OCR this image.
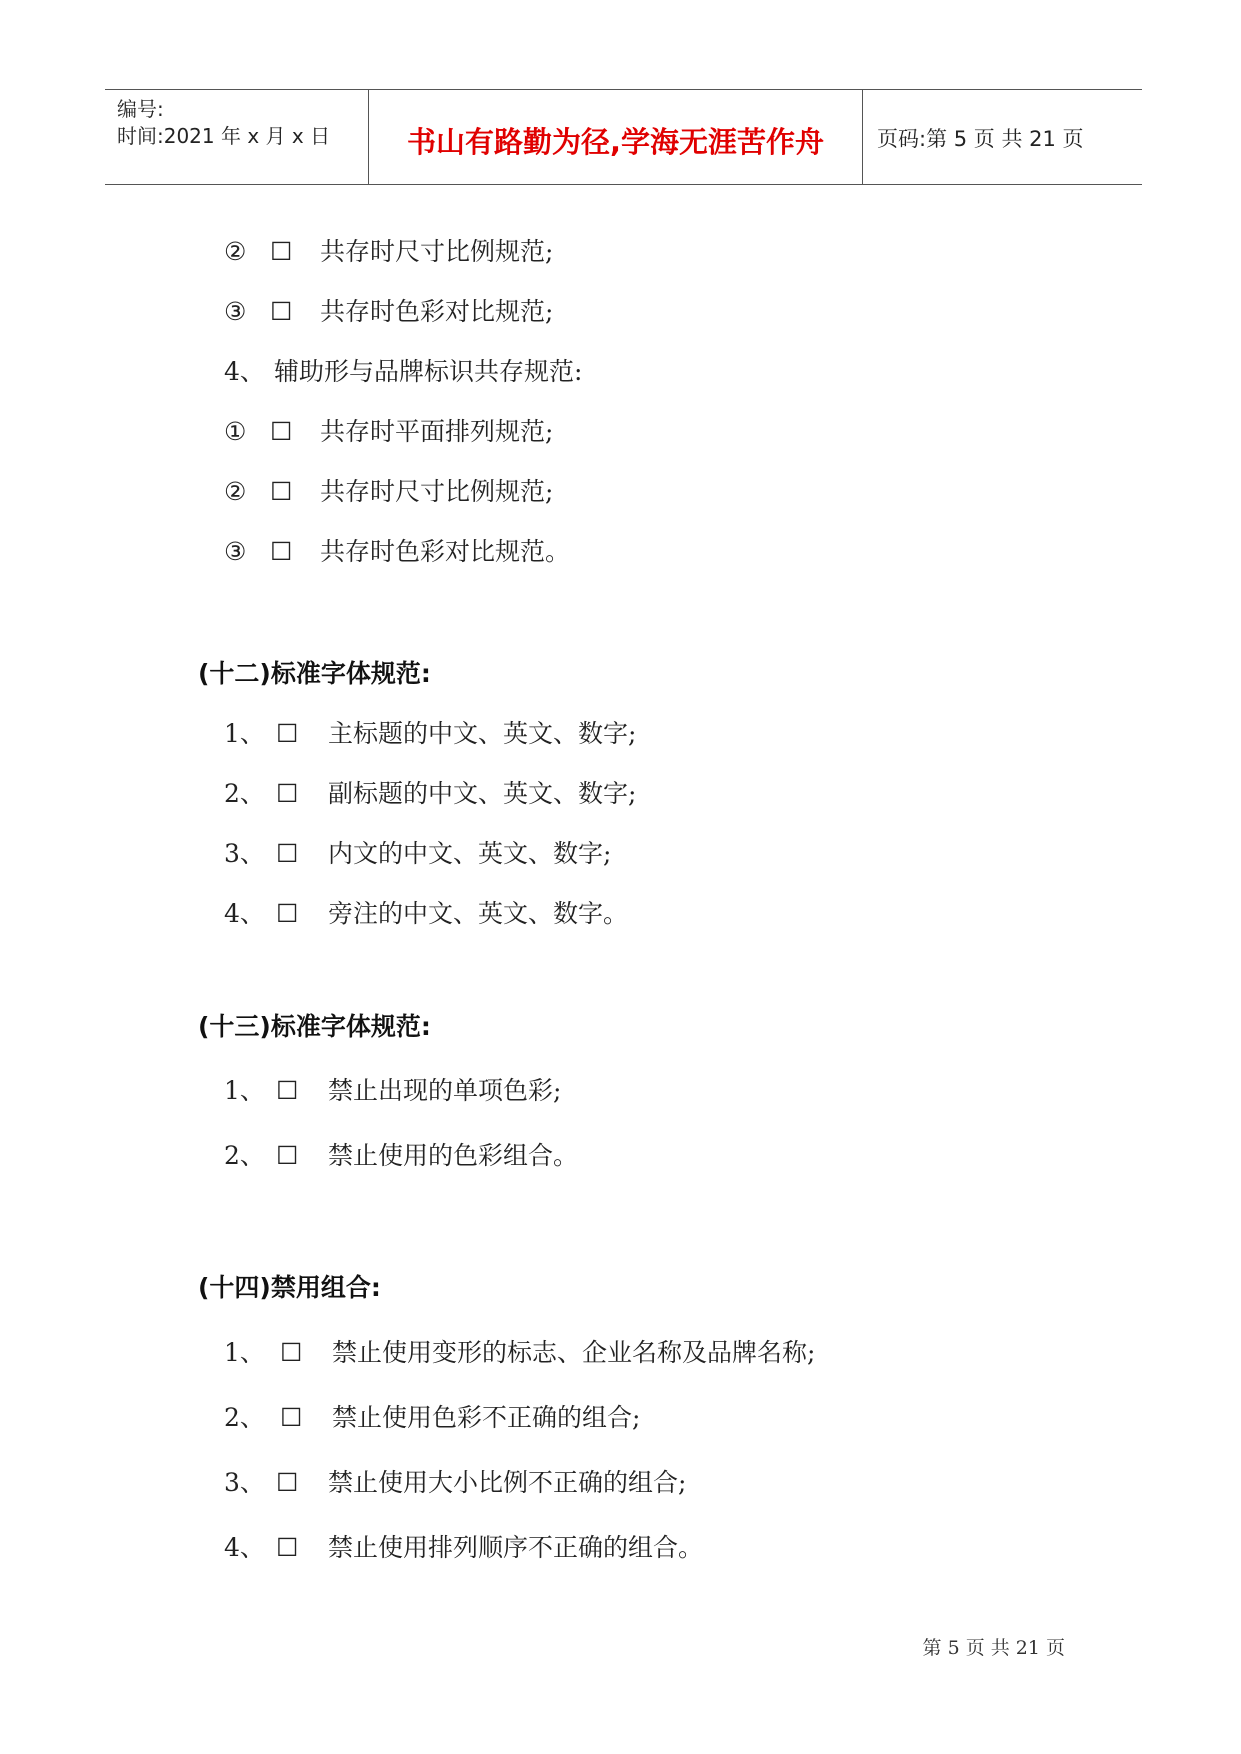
编号:
时间:2021 年 x 月 x 日	书山有路勤为径,学海无涯苦作舟	页码:第 5 页 共 21 页
② ☐ 共存时尺寸比例规范;
③ ☐ 共存时色彩对比规范;
4、 辅助形与品牌标识共存规范:
① ☐ 共存时平面排列规范;
② ☐ 共存时尺寸比例规范;
③ ☐ 共存时色彩对比规范。
(十二)标准字体规范:
1、 ☐ 主标题的中文、英文、数字;
2、 ☐ 副标题的中文、英文、数字;
3、 ☐ 内文的中文、英文、数字;
4、 ☐ 旁注的中文、英文、数字。
(十三)标准字体规范:
1、 ☐ 禁止出现的单项色彩;
2、 ☐ 禁止使用的色彩组合。
(十四)禁用组合:
1、 ☐ 禁止使用变形的标志、企业名称及品牌名称;
2、 ☐ 禁止使用色彩不正确的组合;
3、 ☐ 禁止使用大小比例不正确的组合;
4、 ☐ 禁止使用排列顺序不正确的组合。
第 5 页 共 21 页
